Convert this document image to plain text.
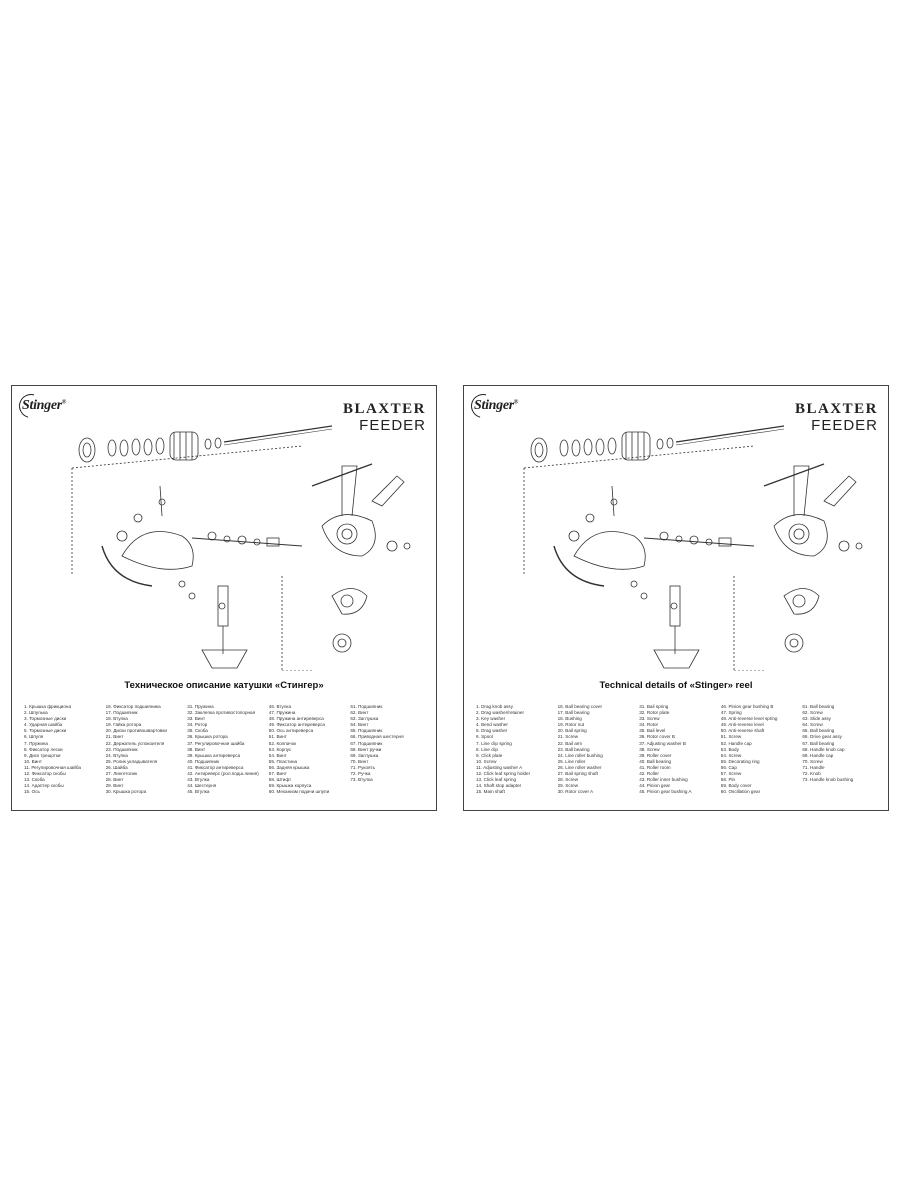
Stinger®	BLAXTER

FEEDER
Техническое описание катушки «Стингер»
1. Крышка фрикциона
2. Шпулька
3. Тормозные диски
4. Ударная шайба
5. Тормозные диски
6. Шпуля
7. Пружина
8. Фиксатор лески
9. Диск трещотки
10. Винт
11. Регулировочная шайба
12. Фиксатор скобы
13. Скоба
14. Адаптер скобы
15. Ось
16. Фиксатор подшипника
17. Подшипник
18. Втулка
19. Гайка ротора
20. Диски противошвартовки
21. Винт
22. Держатель успокоителя
23. Подшипник
24. Втулка
25. Ролик укладывателя
26. Шайба
27. Лингетолик
28. Винт
29. Винт
30. Крышка ротора
31. Пружина
32. Заклепка противостопорная
33. Винт
34. Ротор
35. Скоба
36. Крышка ротора
37. Регулировочная шайба
38. Винт
39. Крышка антиреверса
40. Подшипник
41. Фиксатор антиреверса
42. Антиреверс (рол.подш.линия)
43. Втулка
44. Шестерня
45. Втулка
46. Втулка
47. Пружина
48. Пружина антиреверса
49. Фиксатор антиреверса
50. Ось антиреверса
51. Винт
52. Колпачок
53. Корпус
54. Винт
55. Пластина
56. Задняя крышка
57. Винт
58. Штифт
59. Крышка корпуса
60. Механизм подачи шпули
61. Подшипник
62. Винт
63. Заглушка
64. Винт
65. Подшипник
66. Приводная шестерня
67. Подшипник
68. Винт ручки
69. Заглушка
70. Винт
71. Рукоять
72. Ручка
73. Втулка
Stinger®	BLAXTER

FEEDER
Technical details of «Stinger» reel
1. Drag knob assy
2. Drag washer/retainer
3. Key washer
4. Bend washer
5. Drag washer
6. Spool
7. Line clip spring
8. Line clip
9. Click plate
10. Screw
11. Adjusting washer A
12. Click leaf spring holder
13. Click leaf spring
14. Shaft stop adapter
15. Main shaft
16. Ball bearing cover
17. Ball bearing
18. Bushing
19. Rotor nut
20. Bail spring
21. Screw
22. Bail arm
23. Ball bearing
24. Line roller bushing
25. Line roller
26. Line roller washer
27. Bail spring shaft
28. Screw
29. Screw
30. Rotor cover A
31. Bail spring
32. Rotor plate
33. Screw
34. Rotor
35. Bail level
36. Rotor cover B
37. Adjusting washer B
38. Screw
39. Roller cover
40. Ball bearing
41. Roller room
42. Roller
43. Roller inner bushing
44. Pinion gear
45. Pinion gear bushing A
46. Pinion gear bushing B
47. Spring
48. Anti-reverse level spring
49. Anti-reverse level
50. Anti-reverse shaft
51. Screw
52. Handle cap
53. Body
54. Screw
55. Decorating ring
56. Cap
57. Screw
58. Pin
59. Body cover
60. Oscillation gear
61. Ball bearing
62. Screw
63. Slide assy
64. Screw
65. Ball bearing
66. Drive gear assy
67. Ball bearing
68. Handle knob cap
69. Handle cap
70. Screw
71. Handle
72. Knob
73. Handle knob bushing
